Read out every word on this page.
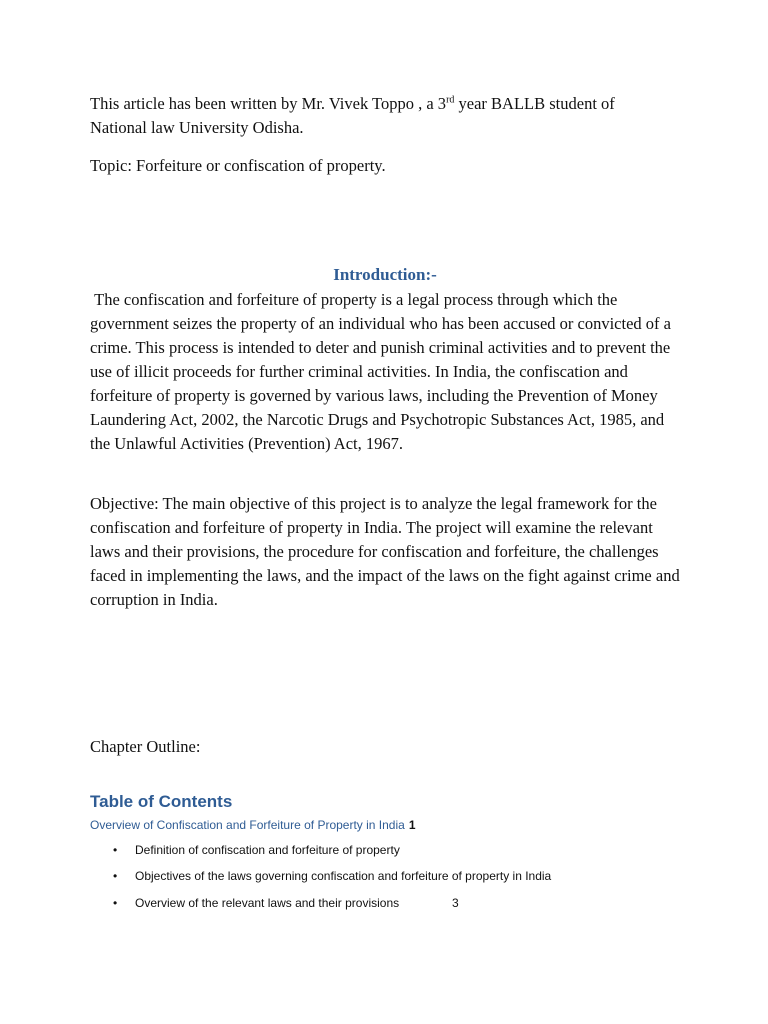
This article has been written by Mr. Vivek Toppo , a 3rd year BALLB student of

National law University Odisha.

Topic: Forfeiture or confiscation of property.
Introduction:-
The confiscation and forfeiture of property is a legal process through which the government seizes the property of an individual who has been accused or convicted of a crime. This process is intended to deter and punish criminal activities and to prevent the use of illicit proceeds for further criminal activities. In India, the confiscation and forfeiture of property is governed by various laws, including the Prevention of Money Laundering Act, 2002, the Narcotic Drugs and Psychotropic Substances Act, 1985, and the Unlawful Activities (Prevention) Act, 1967.
Objective: The main objective of this project is to analyze the legal framework for the confiscation and forfeiture of property in India. The project will examine the relevant laws and their provisions, the procedure for confiscation and forfeiture, the challenges faced in implementing the laws, and the impact of the laws on the fight against crime and corruption in India.
Chapter Outline:
Table of Contents
Overview of Confiscation and Forfeiture of Property in India 1
• Definition of confiscation and forfeiture of property
• Objectives of the laws governing confiscation and forfeiture of property in India
• Overview of the relevant laws and their provisions	3
